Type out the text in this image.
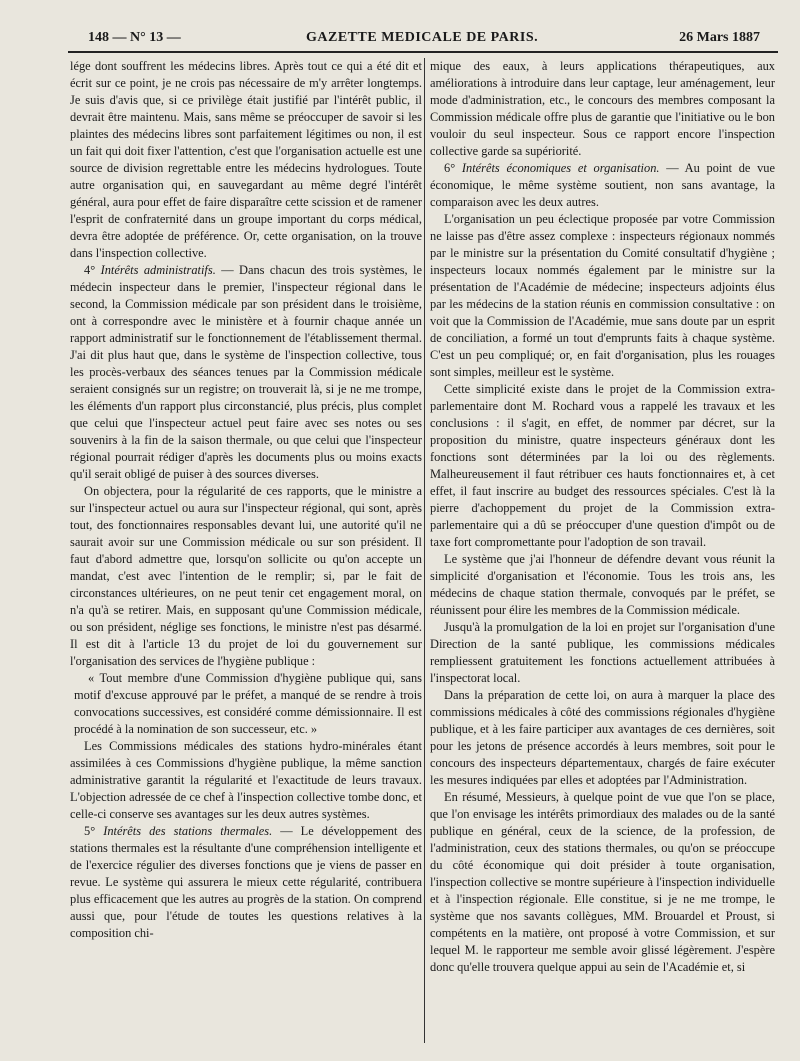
148 — N° 13 —	GAZETTE MEDICALE DE PARIS.	26 Mars 1887

lége dont souffrent les médecins libres. Après tout ce qui a été dit et écrit sur ce point, je ne crois pas nécessaire de m'y arrêter longtemps. Je suis d'avis que, si ce privilège était justifié par l'intérêt public, il devrait être maintenu. Mais, sans même se préoccuper de savoir si les plaintes des médecins libres sont parfaitement légitimes ou non, il est un fait qui doit fixer l'attention, c'est que l'organisation actuelle est une source de division regrettable entre les médecins hydrologues. Toute autre organisation qui, en sauvegardant au même degré l'intérêt général, aura pour effet de faire disparaître cette scission et de ramener l'esprit de confraternité dans un groupe important du corps médical, devra être adoptée de préférence. Or, cette organisation, on la trouve dans l'inspection collective.

4° Intérêts administratifs. — Dans chacun des trois systèmes, le médecin inspecteur dans le premier, l'inspecteur régional dans le second, la Commission médicale par son président dans le troisième, ont à correspondre avec le ministère et à fournir chaque année un rapport administratif sur le fonctionnement de l'établissement thermal. J'ai dit plus haut que, dans le système de l'inspection collective, tous les procès-verbaux des séances tenues par la Commission médicale seraient consignés sur un registre; on trouverait là, si je ne me trompe, les éléments d'un rapport plus circonstancié, plus précis, plus complet que celui que l'inspecteur actuel peut faire avec ses notes ou ses souvenirs à la fin de la saison thermale, ou que celui que l'inspecteur régional pourrait rédiger d'après les documents plus ou moins exacts qu'il serait obligé de puiser à des sources diverses.

On objectera, pour la régularité de ces rapports, que le ministre a sur l'inspecteur actuel ou aura sur l'inspecteur régional, qui sont, après tout, des fonctionnaires responsables devant lui, une autorité qu'il ne saurait avoir sur une Commission médicale ou sur son président. Il faut d'abord admettre que, lorsqu'on sollicite ou qu'on accepte un mandat, c'est avec l'intention de le remplir; si, par le fait de circonstances ultérieures, on ne peut tenir cet engagement moral, on n'a qu'à se retirer. Mais, en supposant qu'une Commission médicale, ou son président, néglige ses fonctions, le ministre n'est pas désarmé. Il est dit à l'article 13 du projet de loi du gouvernement sur l'organisation des services de l'hygiène publique :

« Tout membre d'une Commission d'hygiène publique qui, sans motif d'excuse approuvé par le préfet, a manqué de se rendre à trois convocations successives, est considéré comme démissionnaire. Il est procédé à la nomination de son successeur, etc. »

Les Commissions médicales des stations hydro-minérales étant assimilées à ces Commissions d'hygiène publique, la même sanction administrative garantit la régularité et l'exactitude de leurs travaux. L'objection adressée de ce chef à l'inspection collective tombe donc, et celle-ci conserve ses avantages sur les deux autres systèmes.

5° Intérêts des stations thermales. — Le développement des stations thermales est la résultante d'une compréhension intelligente et de l'exercice régulier des diverses fonctions que je viens de passer en revue. Le système qui assurera le mieux cette régularité, contribuera plus efficacement que les autres au progrès de la station. On comprend aussi que, pour l'étude de toutes les questions relatives à la composition chi-

mique des eaux, à leurs applications thérapeutiques, aux améliorations à introduire dans leur captage, leur aménagement, leur mode d'administration, etc., le concours des membres composant la Commission médicale offre plus de garantie que l'initiative ou le bon vouloir du seul inspecteur. Sous ce rapport encore l'inspection collective garde sa supériorité.

6° Intérêts économiques et organisation. — Au point de vue économique, le même système soutient, non sans avantage, la comparaison avec les deux autres.

L'organisation un peu éclectique proposée par votre Commission ne laisse pas d'être assez complexe : inspecteurs régionaux nommés par le ministre sur la présentation du Comité consultatif d'hygiène ; inspecteurs locaux nommés également par le ministre sur la présentation de l'Académie de médecine; inspecteurs adjoints élus par les médecins de la station réunis en commission consultative : on voit que la Commission de l'Académie, mue sans doute par un esprit de conciliation, a formé un tout d'emprunts faits à chaque système. C'est un peu compliqué; or, en fait d'organisation, plus les rouages sont simples, meilleur est le système.

Cette simplicité existe dans le projet de la Commission extra-parlementaire dont M. Rochard vous a rappelé les travaux et les conclusions : il s'agit, en effet, de nommer par décret, sur la proposition du ministre, quatre inspecteurs généraux dont les fonctions sont déterminées par la loi ou des règlements. Malheureusement il faut rétribuer ces hauts fonctionnaires et, à cet effet, il faut inscrire au budget des ressources spéciales. C'est là la pierre d'achoppement du projet de la Commission extra-parlementaire qui a dû se préoccuper d'une question d'impôt ou de taxe fort compromettante pour l'adoption de son travail.

Le système que j'ai l'honneur de défendre devant vous réunit la simplicité d'organisation et l'économie. Tous les trois ans, les médecins de chaque station thermale, convoqués par le préfet, se réunissent pour élire les membres de la Commission médicale.

Jusqu'à la promulgation de la loi en projet sur l'organisation d'une Direction de la santé publique, les commissions médicales rempliessent gratuitement les fonctions actuellement attribuées à l'inspectorat local.

Dans la préparation de cette loi, on aura à marquer la place des commissions médicales à côté des commissions régionales d'hygiène publique, et à les faire participer aux avantages de ces dernières, soit pour les jetons de présence accordés à leurs membres, soit pour le concours des inspecteurs départementaux, chargés de faire exécuter les mesures indiquées par elles et adoptées par l'Administration.

En résumé, Messieurs, à quelque point de vue que l'on se place, que l'on envisage les intérêts primordiaux des malades ou de la santé publique en général, ceux de la science, de la profession, de l'administration, ceux des stations thermales, ou qu'on se préoccupe du côté économique qui doit présider à toute organisation, l'inspection collective se montre supérieure à l'inspection individuelle et à l'inspection régionale. Elle constitue, si je ne me trompe, le système que nos savants collègues, MM. Brouardel et Proust, si compétents en la matière, ont proposé à votre Commission, et sur lequel M. le rapporteur me semble avoir glissé légèrement. J'espère donc qu'elle trouvera quelque appui au sein de l'Académie et, si
